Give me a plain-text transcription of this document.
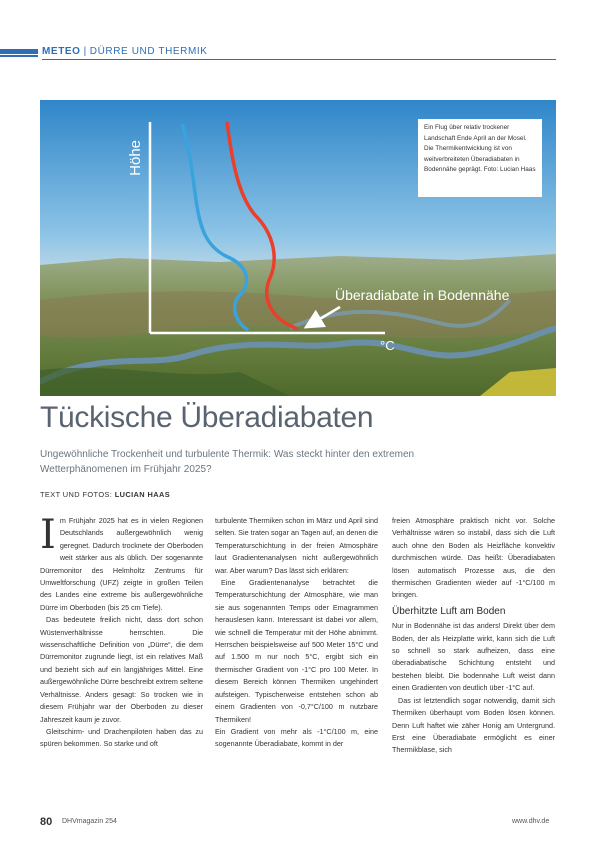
METEO | DÜRRE UND THERMIK
Höhe
°C
Überadiabate in Bodennähe
Ein Flug über relativ trockener Landschaft Ende April an der Mosel. Die Thermikentwicklung ist von weitverbreiteten Überadiabaten in Bodennähe geprägt. Foto: Lucian Haas
Tückische Überadiabaten
Ungewöhnliche Trockenheit und turbulente Thermik: Was steckt hinter den extremen Wetterphänomenen im Frühjahr 2025?
TEXT UND FOTOS: LUCIAN HAAS

Im Frühjahr 2025 hat es in vielen Regionen Deutschlands außergewöhnlich wenig geregnet. Dadurch trocknete der Oberboden weit stärker aus als üblich. Der sogenannte Dürremonitor des Helmholtz Zentrums für Umweltforschung (UFZ) zeigte in großen Teilen des Landes eine extreme bis außergewöhnliche Dürre im Oberboden (bis 25 cm Tiefe).

Das bedeutete freilich nicht, dass dort schon Wüstenverhältnisse herrschten. Die wissenschaftliche Definition von „Dürre“, die dem Dürremonitor zugrunde liegt, ist ein relatives Maß und bezieht sich auf ein langjähriges Mittel. Eine außergewöhnliche Dürre beschreibt extrem seltene Verhältnisse. Anders gesagt: So trocken wie in diesem Frühjahr war der Oberboden zu dieser Jahreszeit kaum je zuvor.

Gleitschirm- und Drachenpiloten haben das zu spüren bekommen. So starke und oft

turbulente Thermiken schon im März und April sind selten. Sie traten sogar an Tagen auf, an denen die Temperaturschichtung in der freien Atmosphäre laut Gradientenanalysen nicht außergewöhnlich war. Aber warum? Das lässt sich erklären:

Eine Gradientenanalyse betrachtet die Temperaturschichtung der Atmosphäre, wie man sie aus sogenannten Temps oder Emagrammen herauslesen kann. Interessant ist dabei vor allem, wie schnell die Temperatur mit der Höhe abnimmt. Herrschen beispielsweise auf 500 Meter 15°C und auf 1.500 m nur noch 5°C, ergibt sich ein thermischer Gradient von -1°C pro 100 Meter. In diesem Bereich können Thermiken ungehindert aufsteigen. Typischerweise entstehen schon ab einem Gradienten von -0,7°C/100 m nutzbare Thermiken!

Ein Gradient von mehr als -1°C/100 m, eine sogenannte Überadiabate, kommt in der

freien Atmosphäre praktisch nicht vor. Solche Verhältnisse wären so instabil, dass sich die Luft auch ohne den Boden als Heizfläche konvektiv durchmischen würde. Das heißt: Überadiabaten lösen automatisch Prozesse aus, die den thermischen Gradienten wieder auf -1°C/100 m bringen.

Überhitzte Luft am Boden

Nur in Bodennähe ist das anders! Direkt über dem Boden, der als Heizplatte wirkt, kann sich die Luft so schnell so stark aufheizen, dass eine überadiabatische Schichtung entsteht und bestehen bleibt. Die bodennahe Luft weist dann einen Gradienten von deutlich über -1°C auf.

Das ist letztendlich sogar notwendig, damit sich Thermiken überhaupt vom Boden lösen können. Denn Luft haftet wie zäher Honig am Untergrund. Erst eine Überadiabate ermöglicht es einer Thermikblase, sich

80 DHVmagazin 254	www.dhv.de
